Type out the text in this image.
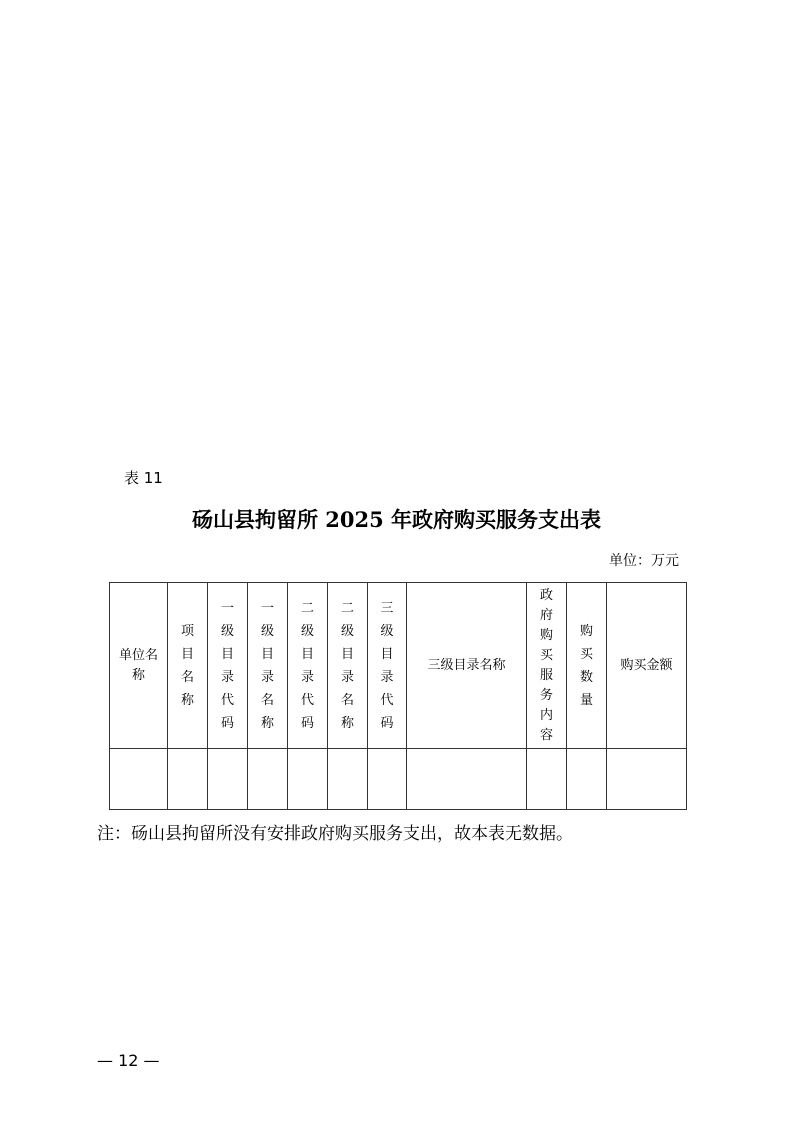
表 11
砀山县拘留所 2025 年政府购买服务支出表
单位：万元
单位名称	项目名称	一级目录代码	一级目录名称	二级目录代码	二级目录名称	三级目录代码	三级目录名称	政府购买服务内容	购买数量	购买金额

注：砀山县拘留所没有安排政府购买服务支出，故本表无数据。
— 12 —
